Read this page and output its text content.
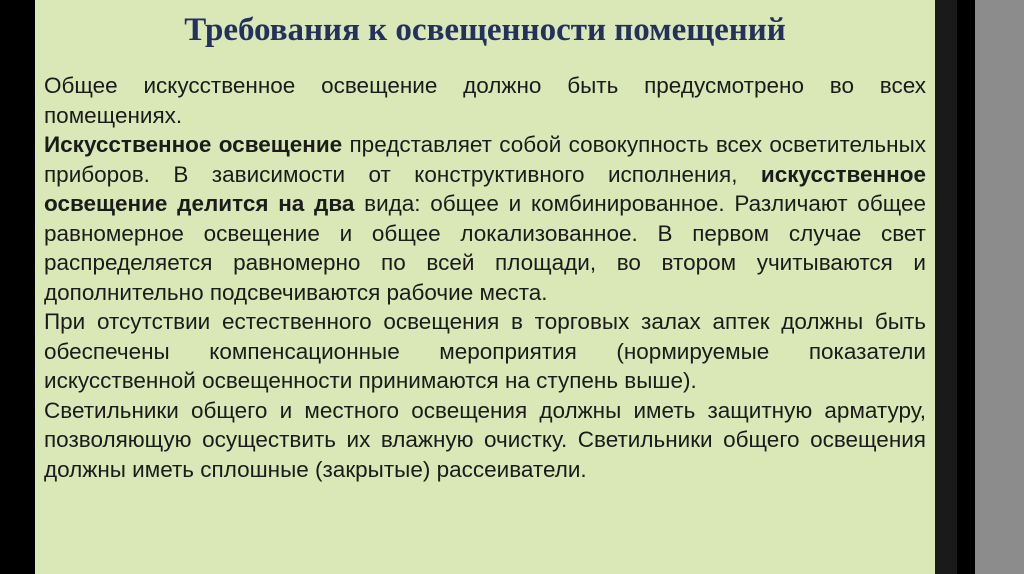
Требования к освещенности помещений

Общее искусственное освещение должно быть предусмотрено во всех помещениях.

Искусственное освещение представляет собой совокупность всех осветительных приборов. В зависимости от конструктивного исполнения, искусственное освещение делится на два вида: общее и комбинированное. Различают общее равномерное освещение и общее локализованное. В первом случае свет распределяется равномерно по всей площади, во втором учитываются и дополнительно подсвечиваются рабочие места.

При отсутствии естественного освещения в торговых залах аптек должны быть обеспечены компенсационные мероприятия (нормируемые показатели искусственной освещенности принимаются на ступень выше).

Светильники общего и местного освещения должны иметь защитную арматуру, позволяющую осуществить их влажную очистку. Светильники общего освещения должны иметь сплошные (закрытые) рассеиватели.
